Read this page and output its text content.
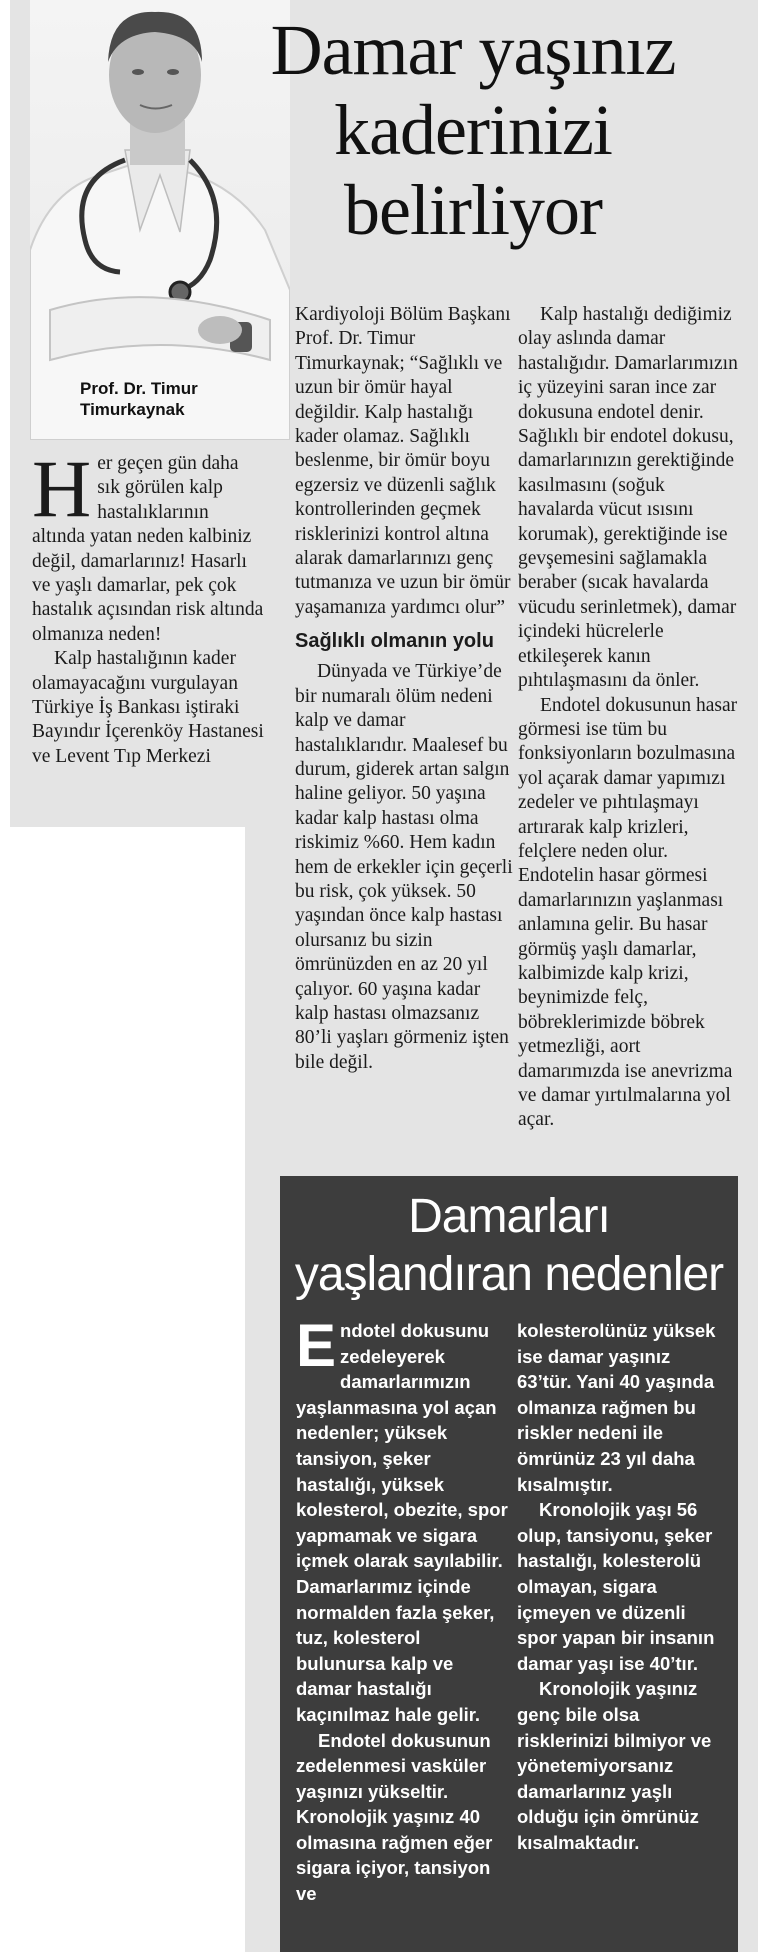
Prof. Dr. Timur
Timurkaynak
Damar yaşınız
kaderinizi
belirliyor

Her geçen gün daha sık görülen kalp hastalıklarının altında yatan neden kalbiniz değil, damarlarınız! Hasarlı ve yaşlı damarlar, pek çok hastalık açısından risk altında olmanıza neden!

Kalp hastalığının kader olamayacağını vurgulayan Türkiye İş Bankası iştiraki Bayındır İçerenköy Hastanesi ve Levent Tıp Merkezi

Kardiyoloji Bölüm Başkanı Prof. Dr. Timur Timurkaynak; “Sağlıklı ve uzun bir ömür hayal değildir. Kalp hastalığı kader olamaz. Sağlıklı beslenme, bir ömür boyu egzersiz ve düzenli sağlık kontrollerinden geçmek risklerinizi kontrol altına alarak damarlarınızı genç tutmanıza ve uzun bir ömür yaşamanıza yardımcı olur”

Sağlıklı olmanın yolu

Dünyada ve Türkiye’de bir numaralı ölüm nedeni kalp ve damar hastalıklarıdır. Maalesef bu durum, giderek artan salgın haline geliyor. 50 yaşına kadar kalp hastası olma riskimiz %60. Hem kadın hem de erkekler için geçerli bu risk, çok yüksek. 50 yaşından önce kalp hastası olursanız bu sizin ömrünüzden en az 20 yıl çalıyor. 60 yaşına kadar kalp hastası olmazsanız 80’li yaşları görmeniz işten bile değil.

Kalp hastalığı dediğimiz olay aslında damar hastalığıdır. Damarlarımızın iç yüzeyini saran ince zar dokusuna endotel denir. Sağlıklı bir endotel dokusu, damarlarınızın gerektiğinde kasılmasını (soğuk havalarda vücut ısısını korumak), gerektiğinde ise gevşemesini sağlamakla beraber (sıcak havalarda vücudu serinletmek), damar içindeki hücrelerle etkileşerek kanın pıhtılaşmasını da önler.

Endotel dokusunun hasar görmesi ise tüm bu fonksiyonların bozulmasına yol açarak damar yapımızı zedeler ve pıhtılaşmayı artırarak kalp krizleri, felçlere neden olur. Endotelin hasar görmesi damarlarınızın yaşlanması anlamına gelir. Bu hasar görmüş yaşlı damarlar, kalbimizde kalp krizi, beynimizde felç, böbreklerimizde böbrek yetmezliği, aort damarımızda ise anevrizma ve damar yırtılmalarına yol açar.

Damarları
yaşlandıran nedenler

Endotel dokusunu zedeleyerek damarlarımızın yaşlanmasına yol açan nedenler; yüksek tansiyon, şeker hastalığı, yüksek kolesterol, obezite, spor yapmamak ve sigara içmek olarak sayılabilir. Damarlarımız içinde normalden fazla şeker, tuz, kolesterol bulunursa kalp ve damar hastalığı kaçınılmaz hale gelir.

Endotel dokusunun zedelenmesi vasküler yaşınızı yükseltir. Kronolojik yaşınız 40 olmasına rağmen eğer sigara içiyor, tansiyon ve

kolesterolünüz yüksek ise damar yaşınız 63’tür. Yani 40 yaşında olmanıza rağmen bu riskler nedeni ile ömrünüz 23 yıl daha kısalmıştır.

Kronolojik yaşı 56 olup, tansiyonu, şeker hastalığı, kolesterolü olmayan, sigara içmeyen ve düzenli spor yapan bir insanın damar yaşı ise 40’tır.

Kronolojik yaşınız genç bile olsa risklerinizi bilmiyor ve yönetemiyorsanız damarlarınız yaşlı olduğu için ömrünüz kısalmaktadır.
